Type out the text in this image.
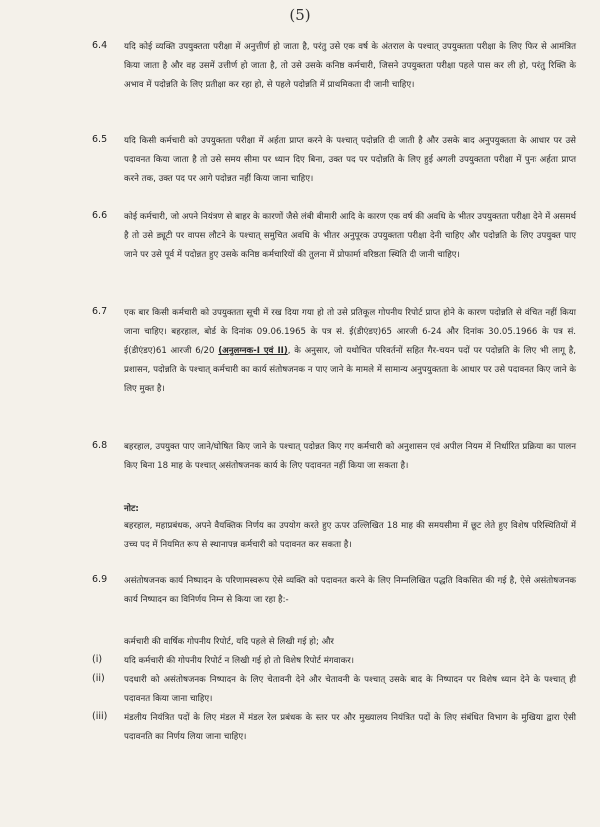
(5)
6.4 यदि कोई व्यक्ति उपयुक्तता परीक्षा में अनुत्तीर्ण हो जाता है, परंतु उसे एक वर्ष के अंतराल के पश्चात् उपयुक्तता परीक्षा के लिए फिर से आमंत्रित किया जाता है और वह उसमें उत्तीर्ण हो जाता है, तो उसे उसके कनिष्ठ कर्मचारी, जिसने उपयुक्तता परीक्षा पहले पास कर ली हो, परंतु रिक्ति के अभाव में पदोन्नति के लिए प्रतीक्षा कर रहा हो, से पहले पदोन्नति में प्राथमिकता दी जानी चाहिए।
6.5 यदि किसी कर्मचारी को उपयुक्तता परीक्षा में अर्हता प्राप्त करने के पश्चात् पदोन्नति दी जाती है और उसके बाद अनुपयुक्तता के आधार पर उसे पदावनत किया जाता है तो उसे समय सीमा पर ध्यान दिए बिना, उक्त पद पर पदोन्नति के लिए हुई अगली उपयुक्तता परीक्षा में पुनः अर्हता प्राप्त करने तक, उक्त पद पर आगे पदोन्नत नहीं किया जाना चाहिए।
6.6 कोई कर्मचारी, जो अपने नियंत्रण से बाहर के कारणों जैसे लंबी बीमारी आदि के कारण एक वर्ष की अवधि के भीतर उपयुक्तता परीक्षा देने में असमर्थ है तो उसे ड्यूटी पर वापस लौटने के पश्चात् समुचित अवधि के भीतर अनुपूरक उपयुक्तता परीक्षा देनी चाहिए और पदोन्नति के लिए उपयुक्त पाए जाने पर उसे पूर्व में पदोन्नत हुए उसके कनिष्ठ कर्मचारियों की तुलना में प्रोफार्मा वरिष्ठता स्थिति दी जानी चाहिए।
6.7 एक बार किसी कर्मचारी को उपयुक्तता सूची में रख दिया गया हो तो उसे प्रतिकूल गोपनीय रिपोर्ट प्राप्त होने के कारण पदोन्नति से वंचित नहीं किया जाना चाहिए। बहरहाल, बोर्ड के दिनांक 09.06.1965 के पत्र सं. ई(डीएंडए)65 आरजी 6-24 और दिनांक 30.05.1966 के पत्र सं. ई(डीएंडए)61 आरजी 6/20 (अनुलग्नक-I एवं II), के अनुसार, जो यथोचित परिवर्तनों सहित गैर-चयन पदों पर पदोन्नति के लिए भी लागू है, प्रशासन, पदोन्नति के पश्चात् कर्मचारी का कार्य संतोषजनक न पाए जाने के मामले में सामान्य अनुपयुक्तता के आधार पर उसे पदावनत किए जाने के लिए मुक्त है।
6.8 बहरहाल, उपयुक्त पाए जाने/घोषित किए जाने के पश्चात् पदोन्नत किए गए कर्मचारी को अनुशासन एवं अपील नियम में निर्धारित प्रक्रिया का पालन किए बिना 18 माह के पश्चात् असंतोषजनक कार्य के लिए पदावनत नहीं किया जा सकता है।
नोट:
बहरहाल, महाप्रबंधक, अपने वैयक्तिक निर्णय का उपयोग करते हुए ऊपर उल्लिखित 18 माह की समयसीमा में छूट लेते हुए विशेष परिस्थितियों में उच्च पद में नियमित रूप से स्थानापन्न कर्मचारी को पदावनत कर सकता है।
6.9 असंतोषजनक कार्य निष्पादन के परिणामस्वरूप ऐसे व्यक्ति को पदावनत करने के लिए निम्नलिखित पद्धति विकसित की गई है, ऐसे असंतोषजनक कार्य निष्पादन का विनिर्णय निम्न से किया जा रहा है:-
कर्मचारी की वार्षिक गोपनीय रिपोर्ट, यदि पहले से लिखी गई हो; और
(i)	यदि कर्मचारी की गोपनीय रिपोर्ट न लिखी गई हो तो विशेष रिपोर्ट मंगवाकर।
(ii) पदधारी को असंतोषजनक निष्पादन के लिए चेतावनी देने और चेतावनी के पश्चात् उसके बाद के निष्पादन पर विशेष ध्यान देने के पश्चात् ही पदावनत किया जाना चाहिए।
(iii) मंडलीय नियंत्रित पदों के लिए मंडल में मंडल रेल प्रबंधक के स्तर पर और मुख्यालय नियंत्रित पदों के लिए संबंधित विभाग के मुखिया द्वारा ऐसी पदावनति का निर्णय लिया जाना चाहिए।
